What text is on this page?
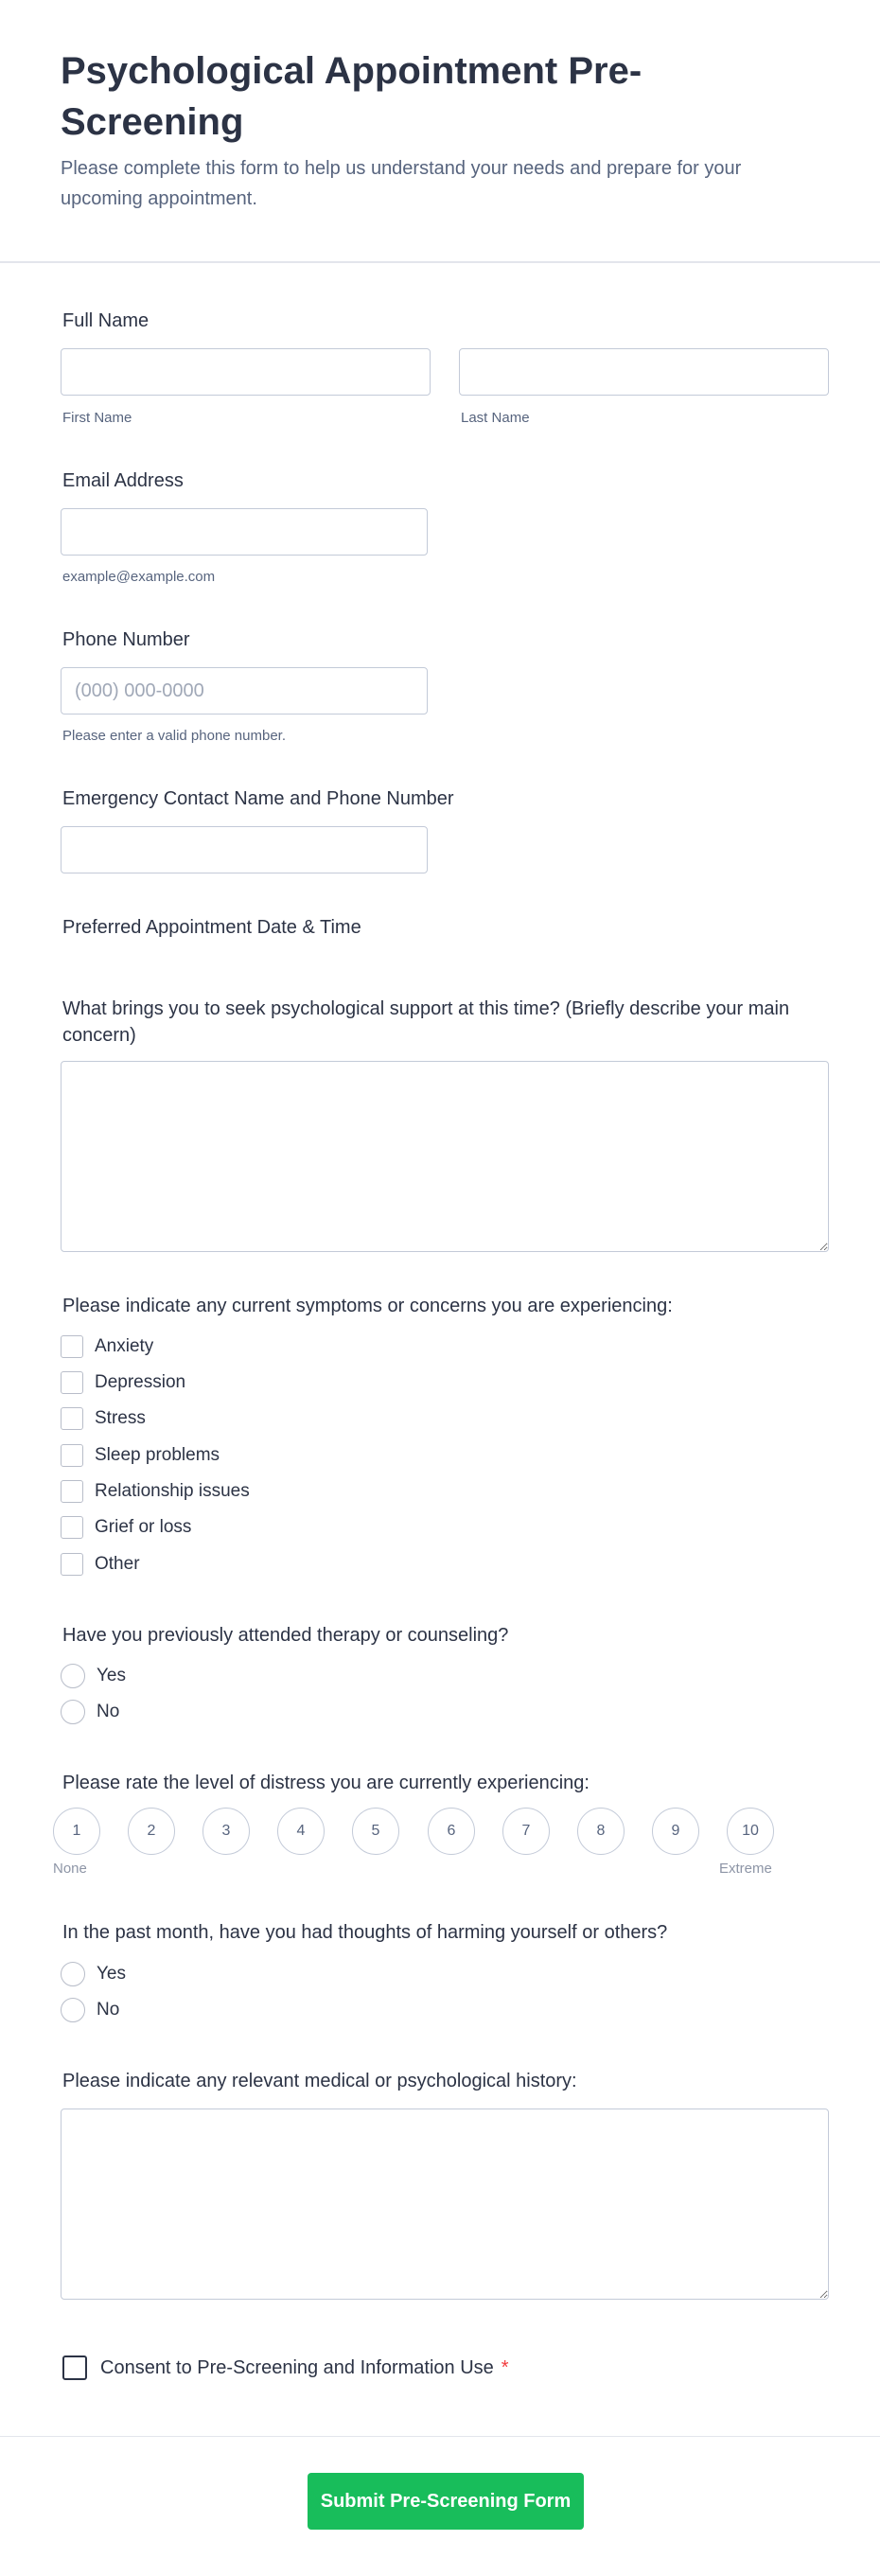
Psychological Appointment Pre-Screening

Please complete this form to help us understand your needs and prepare for your upcoming appointment.

Full Name
First Name	Last Name
Email Address
example@example.com
Phone Number
(000) 000-0000
Please enter a valid phone number.
Emergency Contact Name and Phone Number
Preferred Appointment Date & Time
What brings you to seek psychological support at this time? (Briefly describe your main concern)
Please indicate any current symptoms or concerns you are experiencing:
Anxiety
Depression
Stress
Sleep problems
Relationship issues
Grief or loss
Other
Have you previously attended therapy or counseling?
Yes
No
Please rate the level of distress you are currently experiencing:
1	2	3	4	5	6	7	8	9	10
None	Extreme
In the past month, have you had thoughts of harming yourself or others?
Yes
No
Please indicate any relevant medical or psychological history:
Consent to Pre-Screening and Information Use *
Submit Pre-Screening Form
